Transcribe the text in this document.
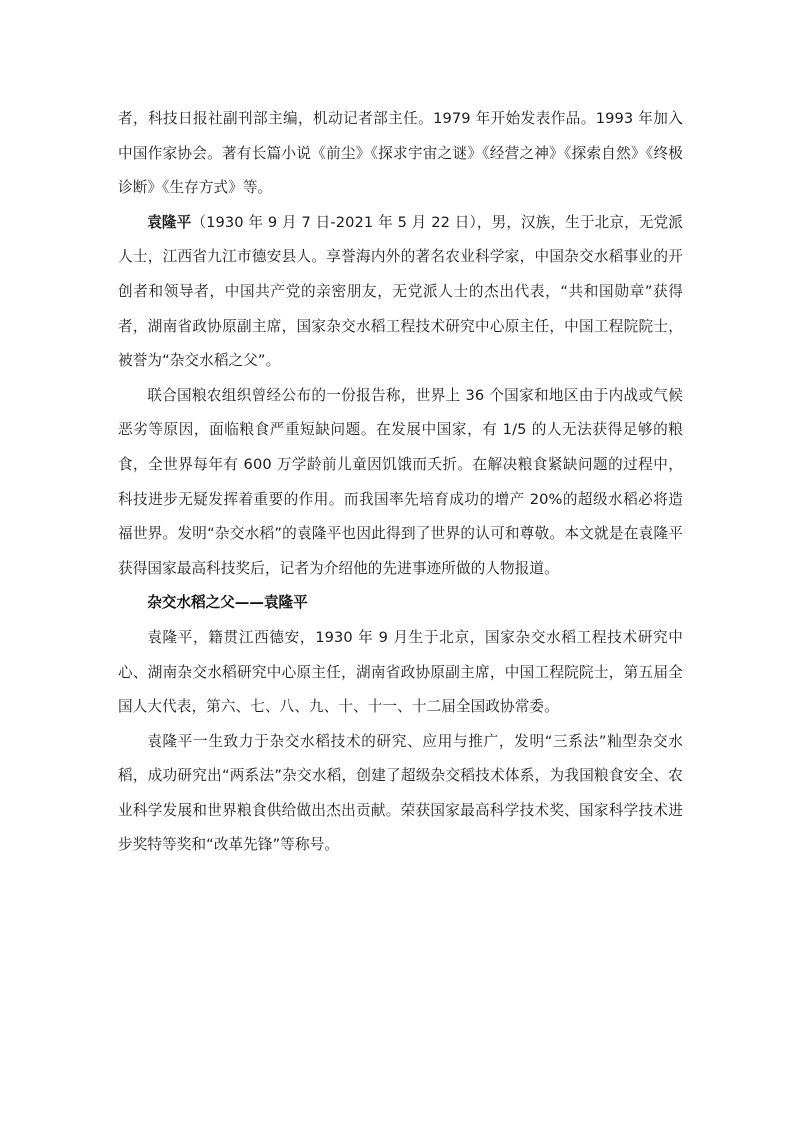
者，科技日报社副刊部主编，机动记者部主任。1979 年开始发表作品。1993 年加入中国作家协会。著有长篇小说《前尘》《探求宇宙之谜》《经营之神》《探索自然》《终极诊断》《生存方式》等。

袁隆平（1930 年 9 月 7 日-2021 年 5 月 22 日），男，汉族，生于北京，无党派人士，江西省九江市德安县人。享誉海内外的著名农业科学家，中国杂交水稻事业的开创者和领导者，中国共产党的亲密朋友，无党派人士的杰出代表，“共和国勋章”获得者，湖南省政协原副主席，国家杂交水稻工程技术研究中心原主任，中国工程院院士，被誉为“杂交水稻之父”。

联合国粮农组织曾经公布的一份报告称，世界上 36 个国家和地区由于内战或气候恶劣等原因，面临粮食严重短缺问题。在发展中国家，有 1/5 的人无法获得足够的粮食，全世界每年有 600 万学龄前儿童因饥饿而夭折。在解决粮食紧缺问题的过程中，科技进步无疑发挥着重要的作用。而我国率先培育成功的增产 20%的超级水稻必将造福世界。发明“杂交水稻”的袁隆平也因此得到了世界的认可和尊敬。本文就是在袁隆平获得国家最高科技奖后，记者为介绍他的先进事迹所做的人物报道。

杂交水稻之父——袁隆平

袁隆平，籍贯江西德安，1930 年 9 月生于北京，国家杂交水稻工程技术研究中心、湖南杂交水稻研究中心原主任，湖南省政协原副主席，中国工程院院士，第五届全国人大代表，第六、七、八、九、十、十一、十二届全国政协常委。

袁隆平一生致力于杂交水稻技术的研究、应用与推广，发明“三系法”籼型杂交水稻，成功研究出“两系法”杂交水稻，创建了超级杂交稻技术体系，为我国粮食安全、农业科学发展和世界粮食供给做出杰出贡献。荣获国家最高科学技术奖、国家科学技术进步奖特等奖和“改革先锋”等称号。
